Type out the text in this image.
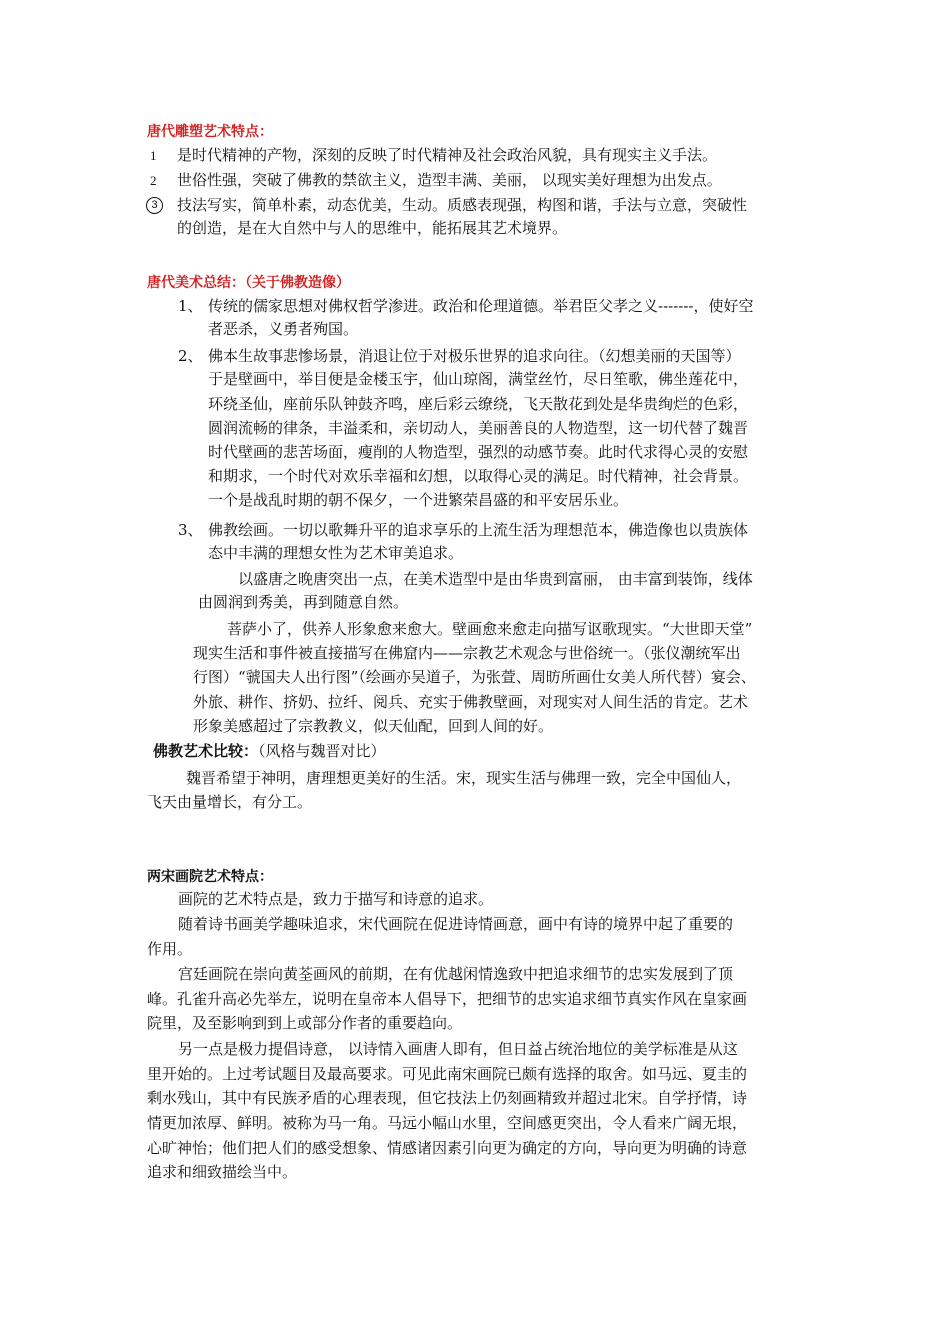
唐代雕塑艺术特点：
1 是时代精神的产物，深刻的反映了时代精神及社会政治风貌，具有现实主义手法。
2 世俗性强，突破了佛教的禁欲主义，造型丰满、美丽， 以现实美好理想为出发点。
3	技法写实，简单朴素，动态优美，生动。质感表现强，构图和谐，手法与立意，突破性
的创造，是在大自然中与人的思维中，能拓展其艺术境界。
唐代美术总结：（关于佛教造像）
1、 传统的儒家思想对佛权哲学渗进。政治和伦理道德。举君臣父孝之义-------，使好空
者恶杀，义勇者殉国。
2、 佛本生故事悲惨场景，消退让位于对极乐世界的追求向往。（幻想美丽的天国等）
于是壁画中，举目便是金楼玉宇，仙山琼阁，满堂丝竹，尽日笙歌，佛坐莲花中，
环绕圣仙，座前乐队钟鼓齐鸣，座后彩云缭绕，飞天散花到处是华贵绚烂的色彩，
圆润流畅的律条，丰溢柔和，亲切动人，美丽善良的人物造型，这一切代替了魏晋
时代壁画的悲苦场面，瘦削的人物造型，强烈的动感节奏。此时代求得心灵的安慰
和期求，一个时代对欢乐幸福和幻想，以取得心灵的满足。时代精神，社会背景。
一个是战乱时期的朝不保夕，一个进繁荣昌盛的和平安居乐业。
3、 佛教绘画。一切以歌舞升平的追求享乐的上流生活为理想范本，佛造像也以贵族体
态中丰满的理想女性为艺术审美追求。
以盛唐之晚唐突出一点，在美术造型中是由华贵到富丽， 由丰富到装饰，线体
由圆润到秀美，再到随意自然。
菩萨小了，供养人形象愈来愈大。壁画愈来愈走向描写讴歌现实。“大世即天堂”
现实生活和事件被直接描写在佛窟内——宗教艺术观念与世俗统一。（张仪潮统军出
行图）“虢国夫人出行图”（绘画亦吴道子，为张萱、周昉所画仕女美人所代替）宴会、
外旅、耕作、挤奶、拉纤、阅兵、充实于佛教壁画，对现实对人间生活的肯定。艺术
形象美感超过了宗教教义，似天仙配，回到人间的好。
佛教艺术比较：（风格与魏晋对比）
魏晋希望于神明，唐理想更美好的生活。宋，现实生活与佛理一致，完全中国仙人，
飞天由量增长，有分工。
两宋画院艺术特点：
画院的艺术特点是，致力于描写和诗意的追求。
随着诗书画美学趣味追求，宋代画院在促进诗情画意，画中有诗的境界中起了重要的
作用。
宫廷画院在崇向黄荃画风的前期，在有优越闲情逸致中把追求细节的忠实发展到了顶
峰。孔雀升高必先举左，说明在皇帝本人倡导下，把细节的忠实追求细节真实作风在皇家画
院里，及至影响到到上或部分作者的重要趋向。
另一点是极力提倡诗意， 以诗情入画唐人即有，但日益占统治地位的美学标准是从这
里开始的。上过考试题目及最高要求。可见此南宋画院已颇有选择的取舍。如马远、夏圭的
剩水残山，其中有民族矛盾的心理表现，但它技法上仍刻画精致并超过北宋。自学抒情，诗
情更加浓厚、鲜明。被称为马一角。马远小幅山水里，空间感更突出，令人看来广阔无垠，
心旷神怡；他们把人们的感受想象、情感诸因素引向更为确定的方向，导向更为明确的诗意
追求和细致描绘当中。
